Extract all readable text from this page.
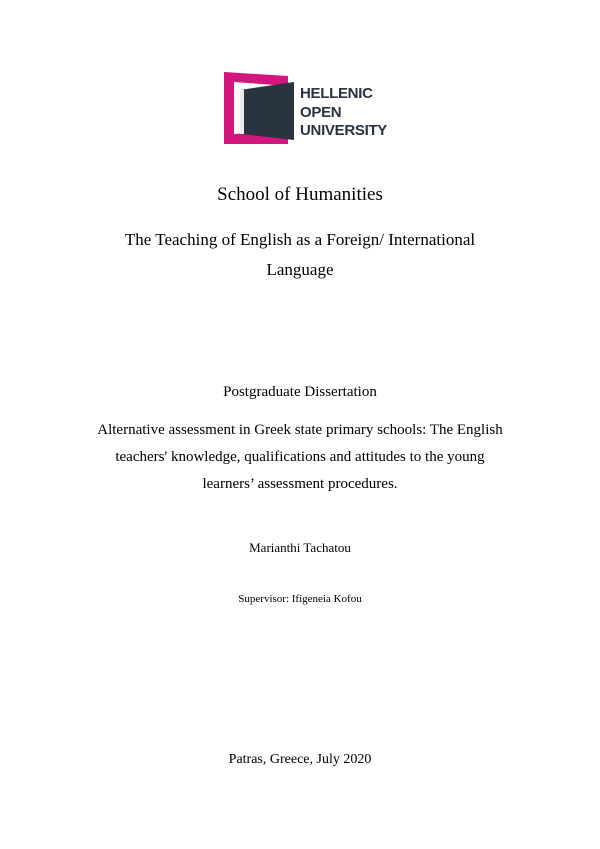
HELLENIC
OPEN
UNIVERSITY
School of Humanities
The Teaching of English as a Foreign/ International
Language
Postgraduate Dissertation
Alternative assessment in Greek state primary schools: The English
teachers' knowledge, qualifications and attitudes to the young
learners’ assessment procedures.
Marianthi Tachatou
Supervisor: Ifigeneia Kofou
Patras, Greece, July 2020
